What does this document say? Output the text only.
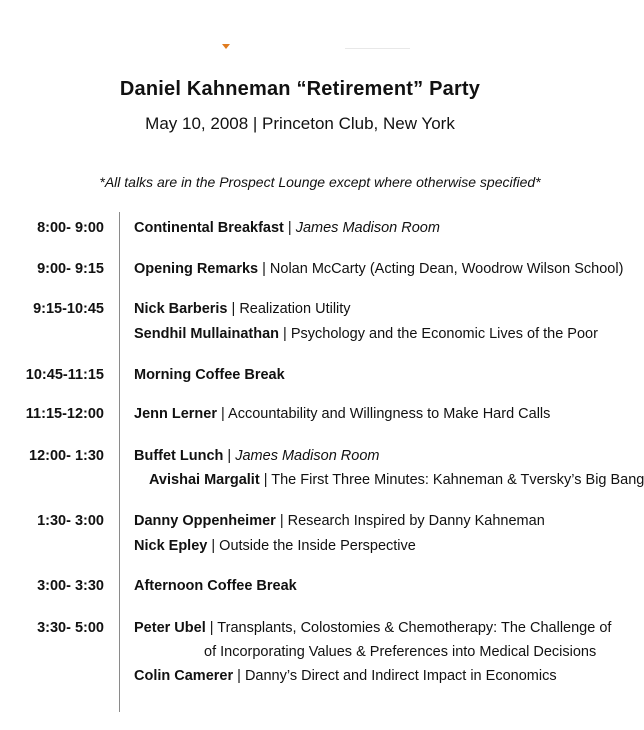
Daniel Kahneman “Retirement” Party
May 10, 2008 | Princeton Club, New York
*All talks are in the Prospect Lounge except where otherwise specified*
8:00- 9:00 Continental Breakfast | James Madison Room
9:00- 9:15 Opening Remarks | Nolan McCarty (Acting Dean, Woodrow Wilson School)
9:15-10:45 Nick Barberis | Realization Utility
Sendhil Mullainathan | Psychology and the Economic Lives of the Poor
10:45-11:15 Morning Coffee Break
11:15-12:00 Jenn Lerner | Accountability and Willingness to Make Hard Calls
12:00- 1:30 Buffet Lunch | James Madison Room
Avishai Margalit | The First Three Minutes: Kahneman & Tversky’s Big Bang
1:30- 3:00 Danny Oppenheimer | Research Inspired by Danny Kahneman
Nick Epley | Outside the Inside Perspective
3:00- 3:30 Afternoon Coffee Break
3:30- 5:00 Peter Ubel | Transplants, Colostomies & Chemotherapy: The Challenge of
of Incorporating Values & Preferences into Medical Decisions
Colin Camerer | Danny’s Direct and Indirect Impact in Economics
